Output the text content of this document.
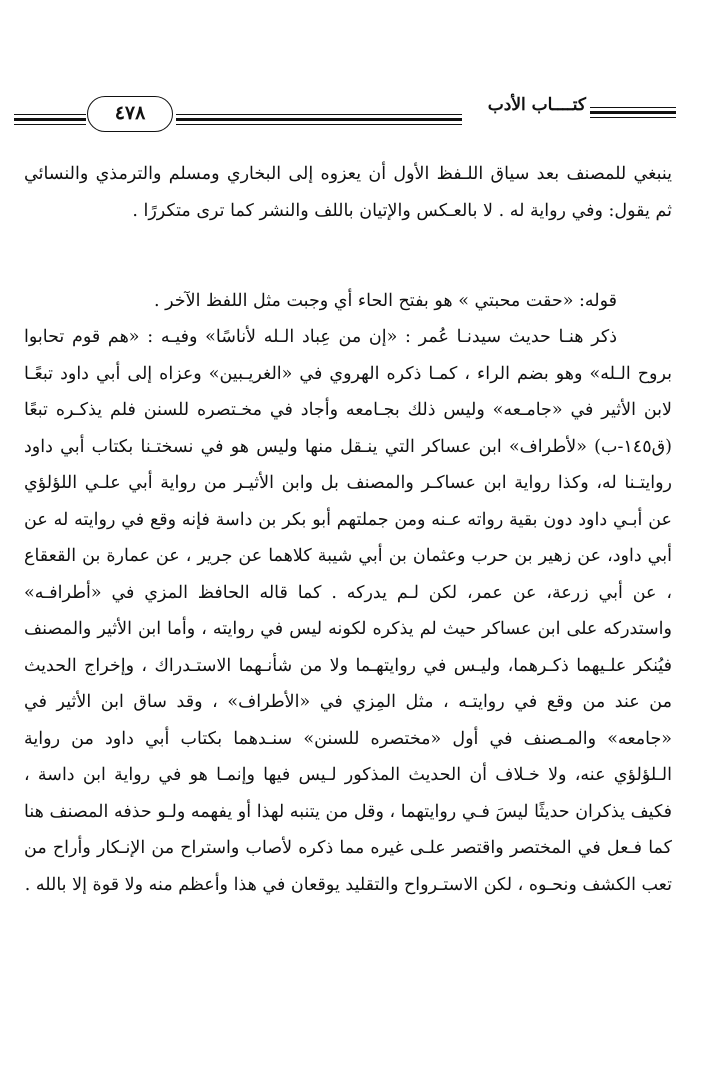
كتــــاب الأدب
٤٧٨

ينبغي للمصنف بعد سياق اللـفظ الأول أن يعزوه إلى البخاري ومسلم والترمذي والنسائي ثم يقول: وفي رواية له . لا بالعـكس والإتيان باللف والنشر كما ترى متكررًا .

قوله: «حقت محبتي » هو بفتح الحاء أي وجبت مثل اللفظ الآخر .

ذكر هنـا حديث سيدنـا عُمر : «إن من عِباد الـله لأناسًا» وفيـه : «هم قوم تحابوا بروح الـله» وهو بضم الراء ، كمـا ذكره الهروي في «الغريـبين» وعزاه إلى أبي داود تبعًـا لابن الأثير في «جامـعه» وليس ذلك بجـامعه وأجاد في مخـتصره للسنن فلم يذكـره تبعًا (ق١٤٥-ب) «لأطراف» ابن عساكر التي ينـقل منها وليس هو في نسختـنا بكتاب أبي داود روايتـنا له، وكذا رواية ابن عساكـر والمصنف بل وابن الأثيـر من رواية أبي علـي اللؤلؤي عن أبـي داود دون بقية رواته عـنه ومن جملتهم أبو بكر بن داسة فإنه وقع في روايته له عن أبي داود، عن زهير بن حرب وعثمان بن أبي شيبة كلاهما عن جرير ، عن عمارة بن القعقاع ، عن أبي زرعة، عن عمر، لكن لـم يدركه . كما قاله الحافظ المزي في «أطرافـه» واستدركه على ابن عساكر حيث لم يذكره لكونه ليس في روايته ، وأما ابن الأثير والمصنف فيُنكر علـيهما ذكـرهما، وليـس في روايتهـما ولا من شأنـهما الاستـدراك ، وإخراج الحديث من عند من وقع في روايتـه ، مثل المِزي في «الأطراف» ، وقد ساق ابن الأثير في «جامعه» والمـصنف في أول «مختصره للسنن» سنـدهما بكتاب أبي داود من رواية الـلؤلؤي عنه، ولا خـلاف أن الحديث المذكور لـيس فيها وإنمـا هو في رواية ابن داسة ، فكيف يذكران حديثًا ليسَ فـي روايتهما ، وقل من يتنبه لهذا أو يفهمه ولـو حذفه المصنف هنا كما فـعل في المختصر واقتصر علـى غيره مما ذكره لأصاب واستراح من الإنـكار وأراح من تعب الكشف ونحـوه ، لكن الاستـرواح والتقليد يوقعان في هذا وأعظم منه ولا قوة إلا بالله .
